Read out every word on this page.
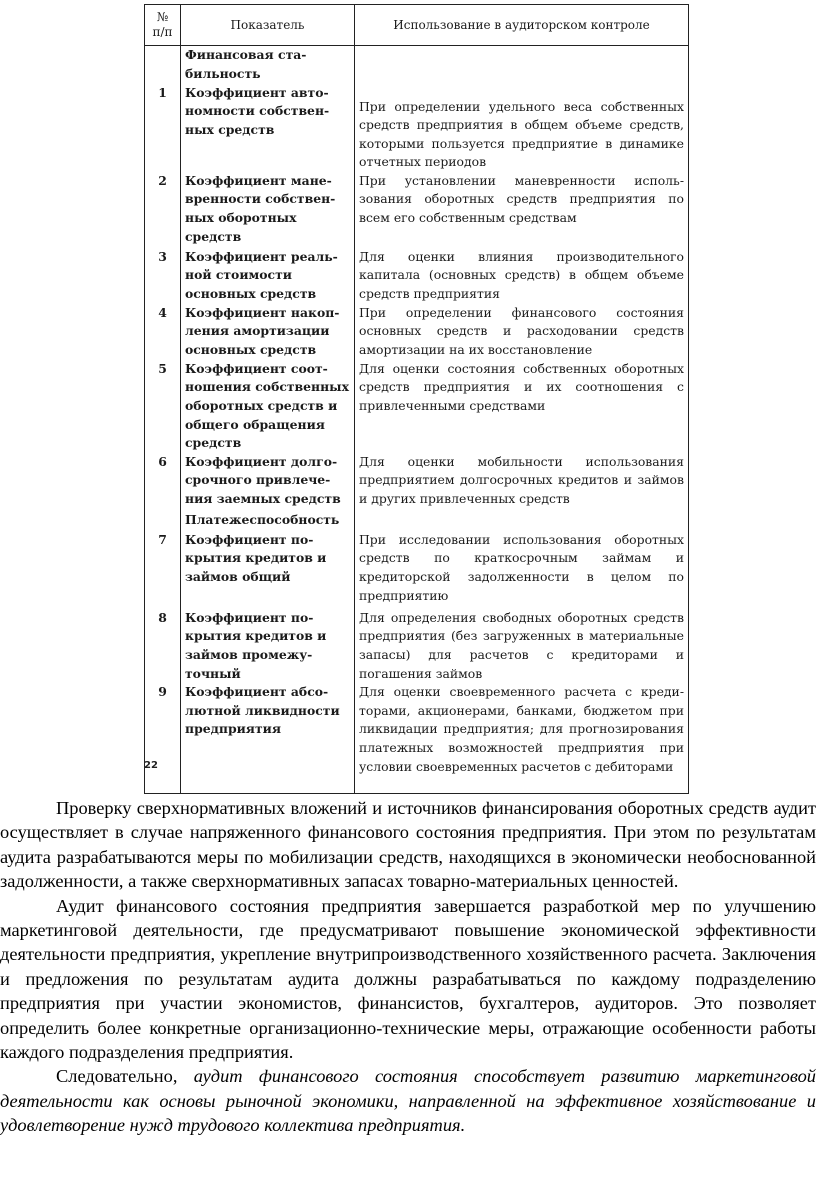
№ п/п	Показатель	Использование в аудиторском контроле
	Финансовая стабильность	
1	Коэффициент автономности собственных средств	При определении удельного веса собственных средств предприятия в общем объеме средств, которыми пользуется предприятие в динамике отчетных периодов
2	Коэффициент маневренности собственных оборотных средств	При установлении маневренности использования оборотных средств предприятия по всем его собственным средствам
3	Коэффициент реальной стоимости основных средств	Для оценки влияния производительного капитала (основных средств) в общем объеме средств предприятия
4	Коэффициент накопления амортизации основных средств	При определении финансового состояния основных средств и расходовании средств амортизации на их восстановление
5	Коэффициент соотношения собственных оборотных средств и общего обращения средств	Для оценки состояния собственных оборотных средств предприятия и их соотношения с привлеченными средствами
6	Коэффициент долгосрочного привлечения заемных средств	Для оценки мобильности использования предприятием долгосрочных кредитов и займов и других привлеченных средств
	Платежеспособность	
7	Коэффициент покрытия кредитов и займов общий	При исследовании использования оборотных средств по краткосрочным займам и кредиторской задолженности в целом по предприятию
8	Коэффициент покрытия кредитов и займов промежуточный	Для определения свободных оборотных средств предприятия (без загруженных в материальные запасы) для расчетов с кредиторами и погашения займов
9	Коэффициент абсолютной ликвидности предприятия	Для оценки своевременного расчета с кредиторами, акционерами, банками, бюджетом при ликвидации предприятия; для прогнозирования платежных возможностей предприятия при условии своевременных расчетов с дебиторами
22

Проверку сверхнормативных вложений и источников финансирования оборотных средств аудит осуществляет в случае напряженного финансового состояния предприятия. При этом по результатам аудита разрабатываются меры по мобилизации средств, находящихся в экономически необоснованной задолженности, а также сверхнормативных запасах товарно-материальных ценностей.

Аудит финансового состояния предприятия завершается разработкой мер по улучшению маркетинговой деятельности, где предусматривают повышение экономической эффективности деятельности предприятия, укрепление внутрипроизводственного хозяйственного расчета. Заключения и предложения по результатам аудита должны разрабатываться по каждому подразделению предприятия при участии экономистов, финансистов, бухгалтеров, аудиторов. Это позволяет определить более конкретные организационно-технические меры, отражающие особенности работы каждого подразделения предприятия.

Следовательно, аудит финансового состояния способствует развитию маркетинговой деятельности как основы рыночной экономики, направленной на эффективное хозяйствование и удовлетворение нужд трудового коллектива предприятия.
